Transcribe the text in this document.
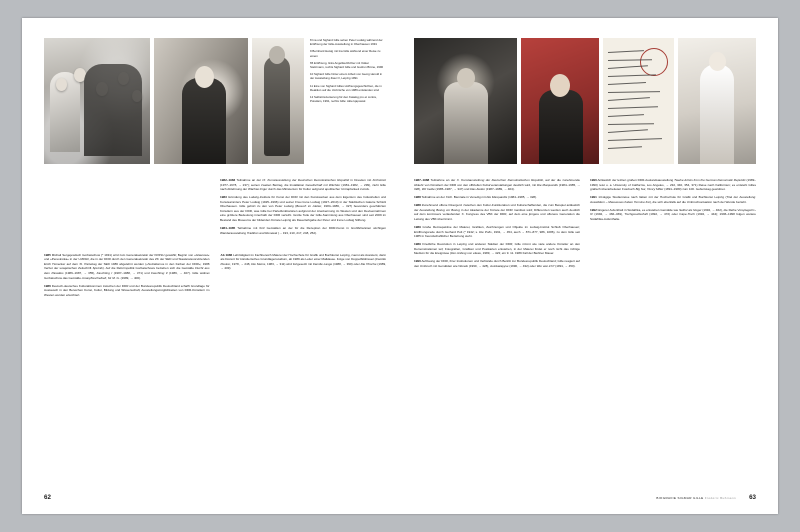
8 Ina und Sighard Gille sehen Peter Ludwig während der Eröffnung der Gille-Ausstellung in Oberhausen 1991

9 Bernhard Heisig mit Ina Gille während einer Reise zu einem

65 Eröffnung, links Angelika Richter mit Volker Stelzmann, rechts Sighard Gille und Gudrun Brüne, 1990

10 Sighard Gille hinter einem Arbeit von Georg Herold in der Ausstellung Zwei O, Leipzig 1991

11 Eine von Sighard Gilles Hoffnungsgeschichten, die in Reaktion auf die Umbrüche von 1989 entstanden sind

12 Selbstinszenierung für den Katalog pro et contra, Potsdam, 1991, rechts Gille: Akte kjapowsk

1982–1983 Teilnahme an der IX. Kunstausstellung der Deutschen Demokratischen Republik in Dresden mit Frühstück (1977–1978, → 237); seinen zweiten Beitrag, die Installation Gesellschaft mit Wächter (1981–1982, → 299), zieht Gille nach Ablehnung der Wächter-Figur durch das Ministerium für Kultur aufgrund apolitischer Untrapfankeit zurück.

1983 Gründung des Ludwig-Instituts für Kunst der DDR mit den Kunstwerken aus dem Eigentum des Industriellen und Kunstsammlers Peter Ludwig (1925–1996) und seiner Frau Irene Ludwig (1927–2010) in der Städtischen Galerie Schloß Oberhausen. Gille gehört zu den von Peter Ludwig (Besuch im Atelier, 1984–1986, → 327) besonders geschätzten Künstlern aus der DDR, was Gille bei Parteifunktionären aufgrund der Anerkennung im Westen und den Devisennahmen eine größere Bedeutung innerhalb der DDR verleiht. Große Teile der Gille-Sammlung aus Oberhausen sind seit 2009 im Bestand des Museums der bildenden Künste Leipzig als Dauerleihgabe der Peter und Irene Ludwig Stiftung.

1984–1985 Teilnahme mit fünf Gemälden an der für die Rezeption der DDR-Kunst in Großbritannien wichtigen Wanderausstellung Tradition and Renewal (→ 193, 210, 217, 248, 252).

1985 Michail Sergejewitsch Gorbatschow (* 1931) wird zum Generalsekretär der KPdSU gewählt; Beginn von »Glasnost« und »Perestroika« in der UdSSR, die in der DDR durch den Generalsekretär des ZK der SED und Staatsratsvorsitzenden Erich Honecker auf dem XI. Parteitag der SED 1986 abgelehnt werden (»Sozialismus in den Farben der DDR«; 1988 Verbot der sowjetischen Zeitschrift Sputnik). Auf die Reformpolitik Gorbatschows beziehen sich die Gemälde Flucht aus dem Paradies (1986–1987, → 355), Faschting I (1987–1988, → 371) und Faschting II (1989, → 407). Gille widmet Gorbatschow das Gemälde Amaryllisscheibelt, für M. G. (1989, → 400).

1986 Deutsch-deutsches Kulturabkommen zwischen der DDR und der Bundesrepublik Deutschland schafft Grundlage für Austausch in den Bereichen Kunst, Kultur, Bildung und Wissenschaft; Ausstellungsmöglichkeiten von DDR-Künstlern im Westen werden erleichtert.

Ab 1986 Lehrtätigkeit im Fachbereich Malerei der Hochschule für Grafik und Buchkunst Leipzig, zuerst als Assistent, dann als Dozent für künstlerisches Grundlagenstudium, ab 1989 als Leiter einer Malklasse. Folge von Doppelbildnissen (Familie Peuker, 1978, → 248, Die Steins, 1983, → 311) wird fortgesetzt mit Familie Lange (1988, → 390) oder Die Hirsche (1989, → 409)

62

1987–1988 Teilnahme an der X. Kunstausstellung der Deutschen Demokratischen Republik, auf der die zunehmende Abkehr von Künstlern der DDR von den offiziellen Kulturveranstaltungen deutlich wird, mit Die Marquardts (1984–1985, → 328), Wir beide (1985–1987, → 347) und Das Atelier (1987–1989, → 404).

1988 Teilnahme an der XLIII. Biennale in Venedig mit Die Marquardts (1984–1985, → 328).

1988 Zunehmend offene Divergenz zwischen den Kultur-Funktionären und Kulturschaffenden, die zum Beispiel anlässlich der Ausstellung Bezug vor Bezug in der Akademie der Künste der DDR manifest wird; Differenzen werden auch deutlich auf dem kontrovers verlaufenden X. Kongress des VBK der DDR, auf dem eine jüngere und offenere Generation die Leitung des VBK übernimmt.

1989 Große Retrospektive der Malerei, Grafiken, Zeichnungen und Objekte im Ludwig-Institut Schloß Oberhausen; Eröffnungsrede durch Gerhard Polt (* 1942; s. Die Polts, 1991, → 454, auch → 871–877, 986, 1086), zu dem Gille seit 1985 in freundschaftlicher Beziehung steht.

1989 Friedliche Revolution in Leipzig und anderen Städten der DDR; Gille nimmt wie viele andere Künstler an den Demonstrationen teil; Fotografien, Grafiken und Postkarten entstehen, in der Malerei findet er noch nicht das richtige Medium für die Ereignisse (Der Anfang von etwas, 1989, → 423; ein 9. 11. 1989 Fall der Berliner Mauer.

1990 Auflösung der DDR, ihrer Institutionen und Verbände durch Beitritt zur Bundesrepublik Deutschland; Gille reagiert auf den Umbruch mit Gemälden wie Wende (1990, → 428), Autokatapyse (1990, → 432) oder Wer war ich? (1991, → 450).

1990 Anlässlich der letzten großen DDR-Auslandsausstellung Twelve Artists from the German Democratic Republic (1989–1990) reist u. a. University of California, Los Angeles, → 232, 340, 354, 371) Reise nach Kalifornien; es entsteht Gilles grafisch überarbeiteten Fotobuch Big Sur, Henry Miller (1891–1980) zum 100. Geburtstag gewidmet.

1991 13-tägige Studienreise nach Italien mit der Hochschule für Grafik und Buchkunst Leipzig (Titel der Ausstellung: Auswildern – Masseuses haben Termine frei), die sich ebenfalls auf die Umbruchssituation nach der Wende bezieht.

1992 längerer Aufenthalt in Südafrika, es entstehen Gemälde wie Selbst als Neger (1992, → 462), die Reihe Vorspiegelt I–IV (1992, → 466–469), Tischgesellschaft (1992, → 472) oder Cape-Tisch (1992, → 444); 1996–1998 folgen weitere Südafrika-Aufenthalte.

BIOGRAFIE SIGMAR GILLE Frédéric Bußmann 63
